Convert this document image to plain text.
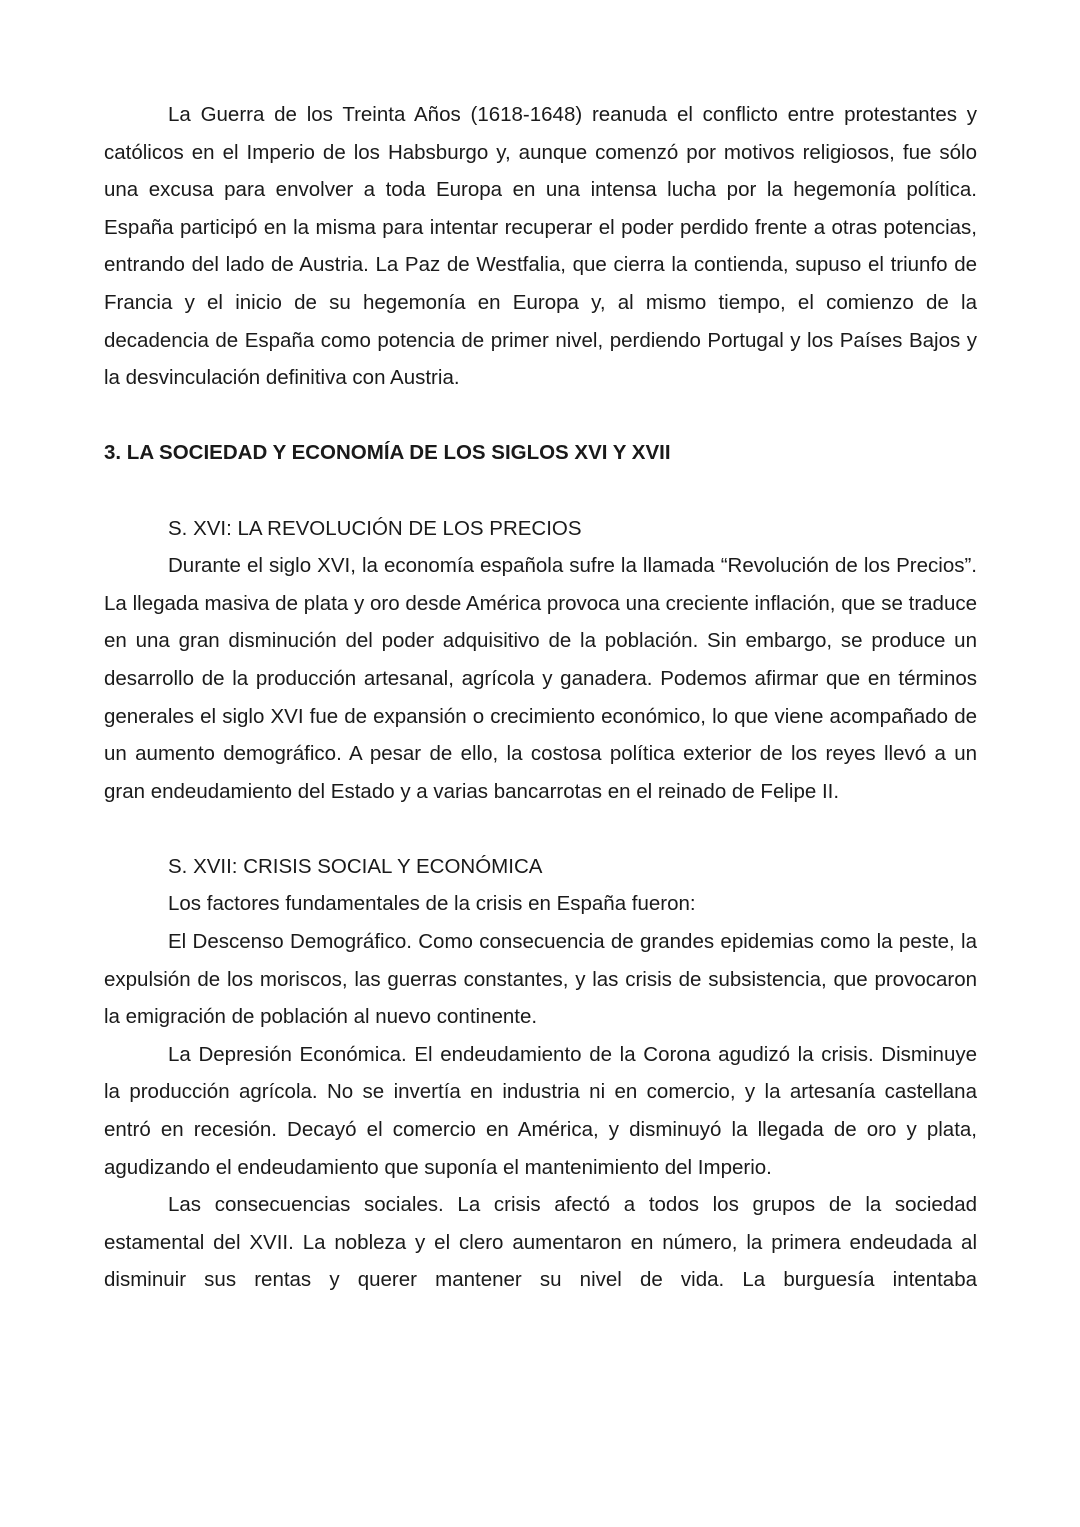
La Guerra de los Treinta Años (1618-1648) reanuda el conflicto entre protestantes y católicos en el Imperio de los Habsburgo y, aunque comenzó por motivos religiosos, fue sólo una excusa para envolver a toda Europa en una intensa lucha por la hegemonía política. España participó en la misma para intentar recuperar el poder perdido frente a otras potencias, entrando del lado de Austria. La Paz de Westfalia, que cierra la contienda, supuso el triunfo de Francia y el inicio de su hegemonía en Europa y, al mismo tiempo, el comienzo de la decadencia de España como potencia de primer nivel, perdiendo Portugal y los Países Bajos y la desvinculación definitiva con Austria.

3. LA SOCIEDAD Y ECONOMÍA DE LOS SIGLOS XVI Y XVII

S. XVI: LA REVOLUCIÓN DE LOS PRECIOS

Durante el siglo XVI, la economía española sufre la llamada “Revolución de los Precios”. La llegada masiva de plata y oro desde América provoca una creciente inflación, que se traduce en una gran disminución del poder adquisitivo de la población. Sin embargo, se produce un desarrollo de la producción artesanal, agrícola y ganadera. Podemos afirmar que en términos generales el siglo XVI fue de expansión o crecimiento económico, lo que viene acompañado de un aumento demográfico. A pesar de ello, la costosa política exterior de los reyes llevó a un gran endeudamiento del Estado y a varias bancarrotas en el reinado de Felipe II.

S. XVII: CRISIS SOCIAL Y ECONÓMICA

Los factores fundamentales de la crisis en España fueron:

El Descenso Demográfico. Como consecuencia de grandes epidemias como la peste, la expulsión de los moriscos, las guerras constantes, y las crisis de subsistencia, que provocaron la emigración de población al nuevo continente.

La Depresión Económica. El endeudamiento de la Corona agudizó la crisis. Disminuye la producción agrícola. No se invertía en industria ni en comercio, y la artesanía castellana entró en recesión. Decayó el comercio en América, y disminuyó la llegada de oro y plata, agudizando el endeudamiento que suponía el mantenimiento del Imperio.

Las consecuencias sociales. La crisis afectó a todos los grupos de la sociedad estamental del XVII. La nobleza y el clero aumentaron en número, la primera endeudada al disminuir sus rentas y querer mantener su nivel de vida. La burguesía intentaba
